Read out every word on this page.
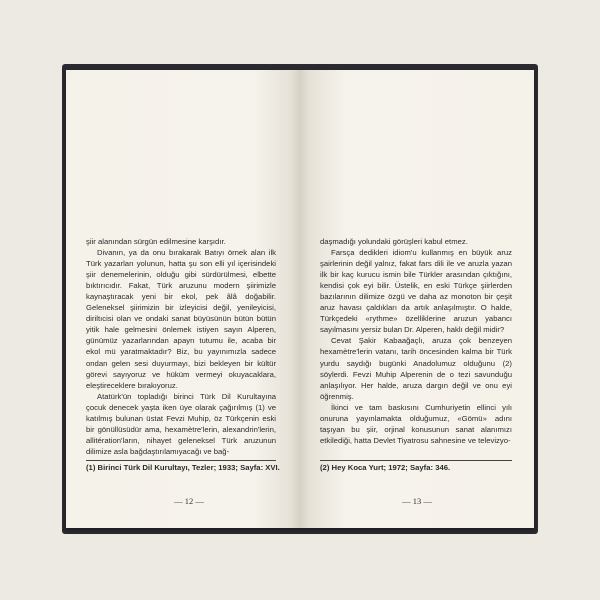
şiir alanından sürgün edilmesine karşıdır.

Divanın, ya da onu bırakarak Batıyı örnek alan ilk Türk yazarları yolunun, hatta şu son elli yıl içerisindeki şiir denemelerinin, olduğu gibi sürdürülmesi, elbette bıktırıcıdır. Fakat, Türk aruzunu modern şiirimizle kaynaştıracak yeni bir ekol, pek âlâ doğabilir. Geleneksel şiirimizin bir izleyicisi değil, yenileyicisi, diriltıcisi olan ve ondaki sanat büyüsünün bütün bütün yitik hale gelmesini önlemek istiyen sayın Alperen, günümüz yazarlarından apayrı tutumu ile, acaba bir ekol mü yaratmaktadır? Biz, bu yayınımızla sadece ondan gelen sesi duyurmayı, bizi bekleyen bir kültür görevi sayıyoruz ve hüküm vermeyi okuyacaklara, eleştireceklere bırakıyoruz.

Atatürk'ün topladığı birinci Türk Dil Kurultayına çocuk denecek yaşta iken üye olarak çağırılmış (1) ve katılmış bulunan üstat Fevzi Muhip, öz Türkçenin eski bir gönüllüsüdür ama, hexamètre'lerin, alexandrin'lerin, allitération'ların, nihayet geleneksel Türk aruzunun dilimize asla bağdaştırılamıyacağı ve bağ-

(1) Birinci Türk Dil Kurultayı, Tezler; 1933; Sayfa: XVI.
— 12 —

daşmadığı yolundaki görüşleri kabul etmez.

Farsça dedikleri idiom'u kullanmış en büyük aruz şairlerinin değil yalnız, fakat fars dili ile ve aruzla yazan ilk bir kaç kurucu ismin bile Türkler arasından çıktığını, kendisi çok eyi bilir. Üstelik, en eski Türkçe şiirlerden bazılarının dilimize özgü ve daha az monoton bir çeşit aruz havası çaldıkları da artık anlaşılmıştır. O halde, Türkçedeki «rythme» özelliklerine aruzun yabancı sayılmasını yersiz bulan Dr. Alperen, haklı değil midir?

Cevat Şakir Kabaağaçlı, aruza çok benzeyen hexamètre'lerin vatanı, tarih öncesinden kalma bir Türk yurdu saydığı bugünki Anadolumuz olduğunu (2) söylerdi. Fevzi Muhip Alperenin de o tezi savunduğu anlaşılıyor. Her halde, aruza dargın değil ve onu eyi öğrenmiş.

İkinci ve tam baskısını Cumhuriyetin ellinci yılı onuruna yayınlamakta olduğumuz, «Gömü» adını taşıyan bu şiir, orjinal konusunun sanat alanımızı etkilediği, hatta Devlet Tiyatrosu sahnesine ve televizyo-

(2) Hey Koca Yurt; 1972; Sayfa: 346.
— 13 —
